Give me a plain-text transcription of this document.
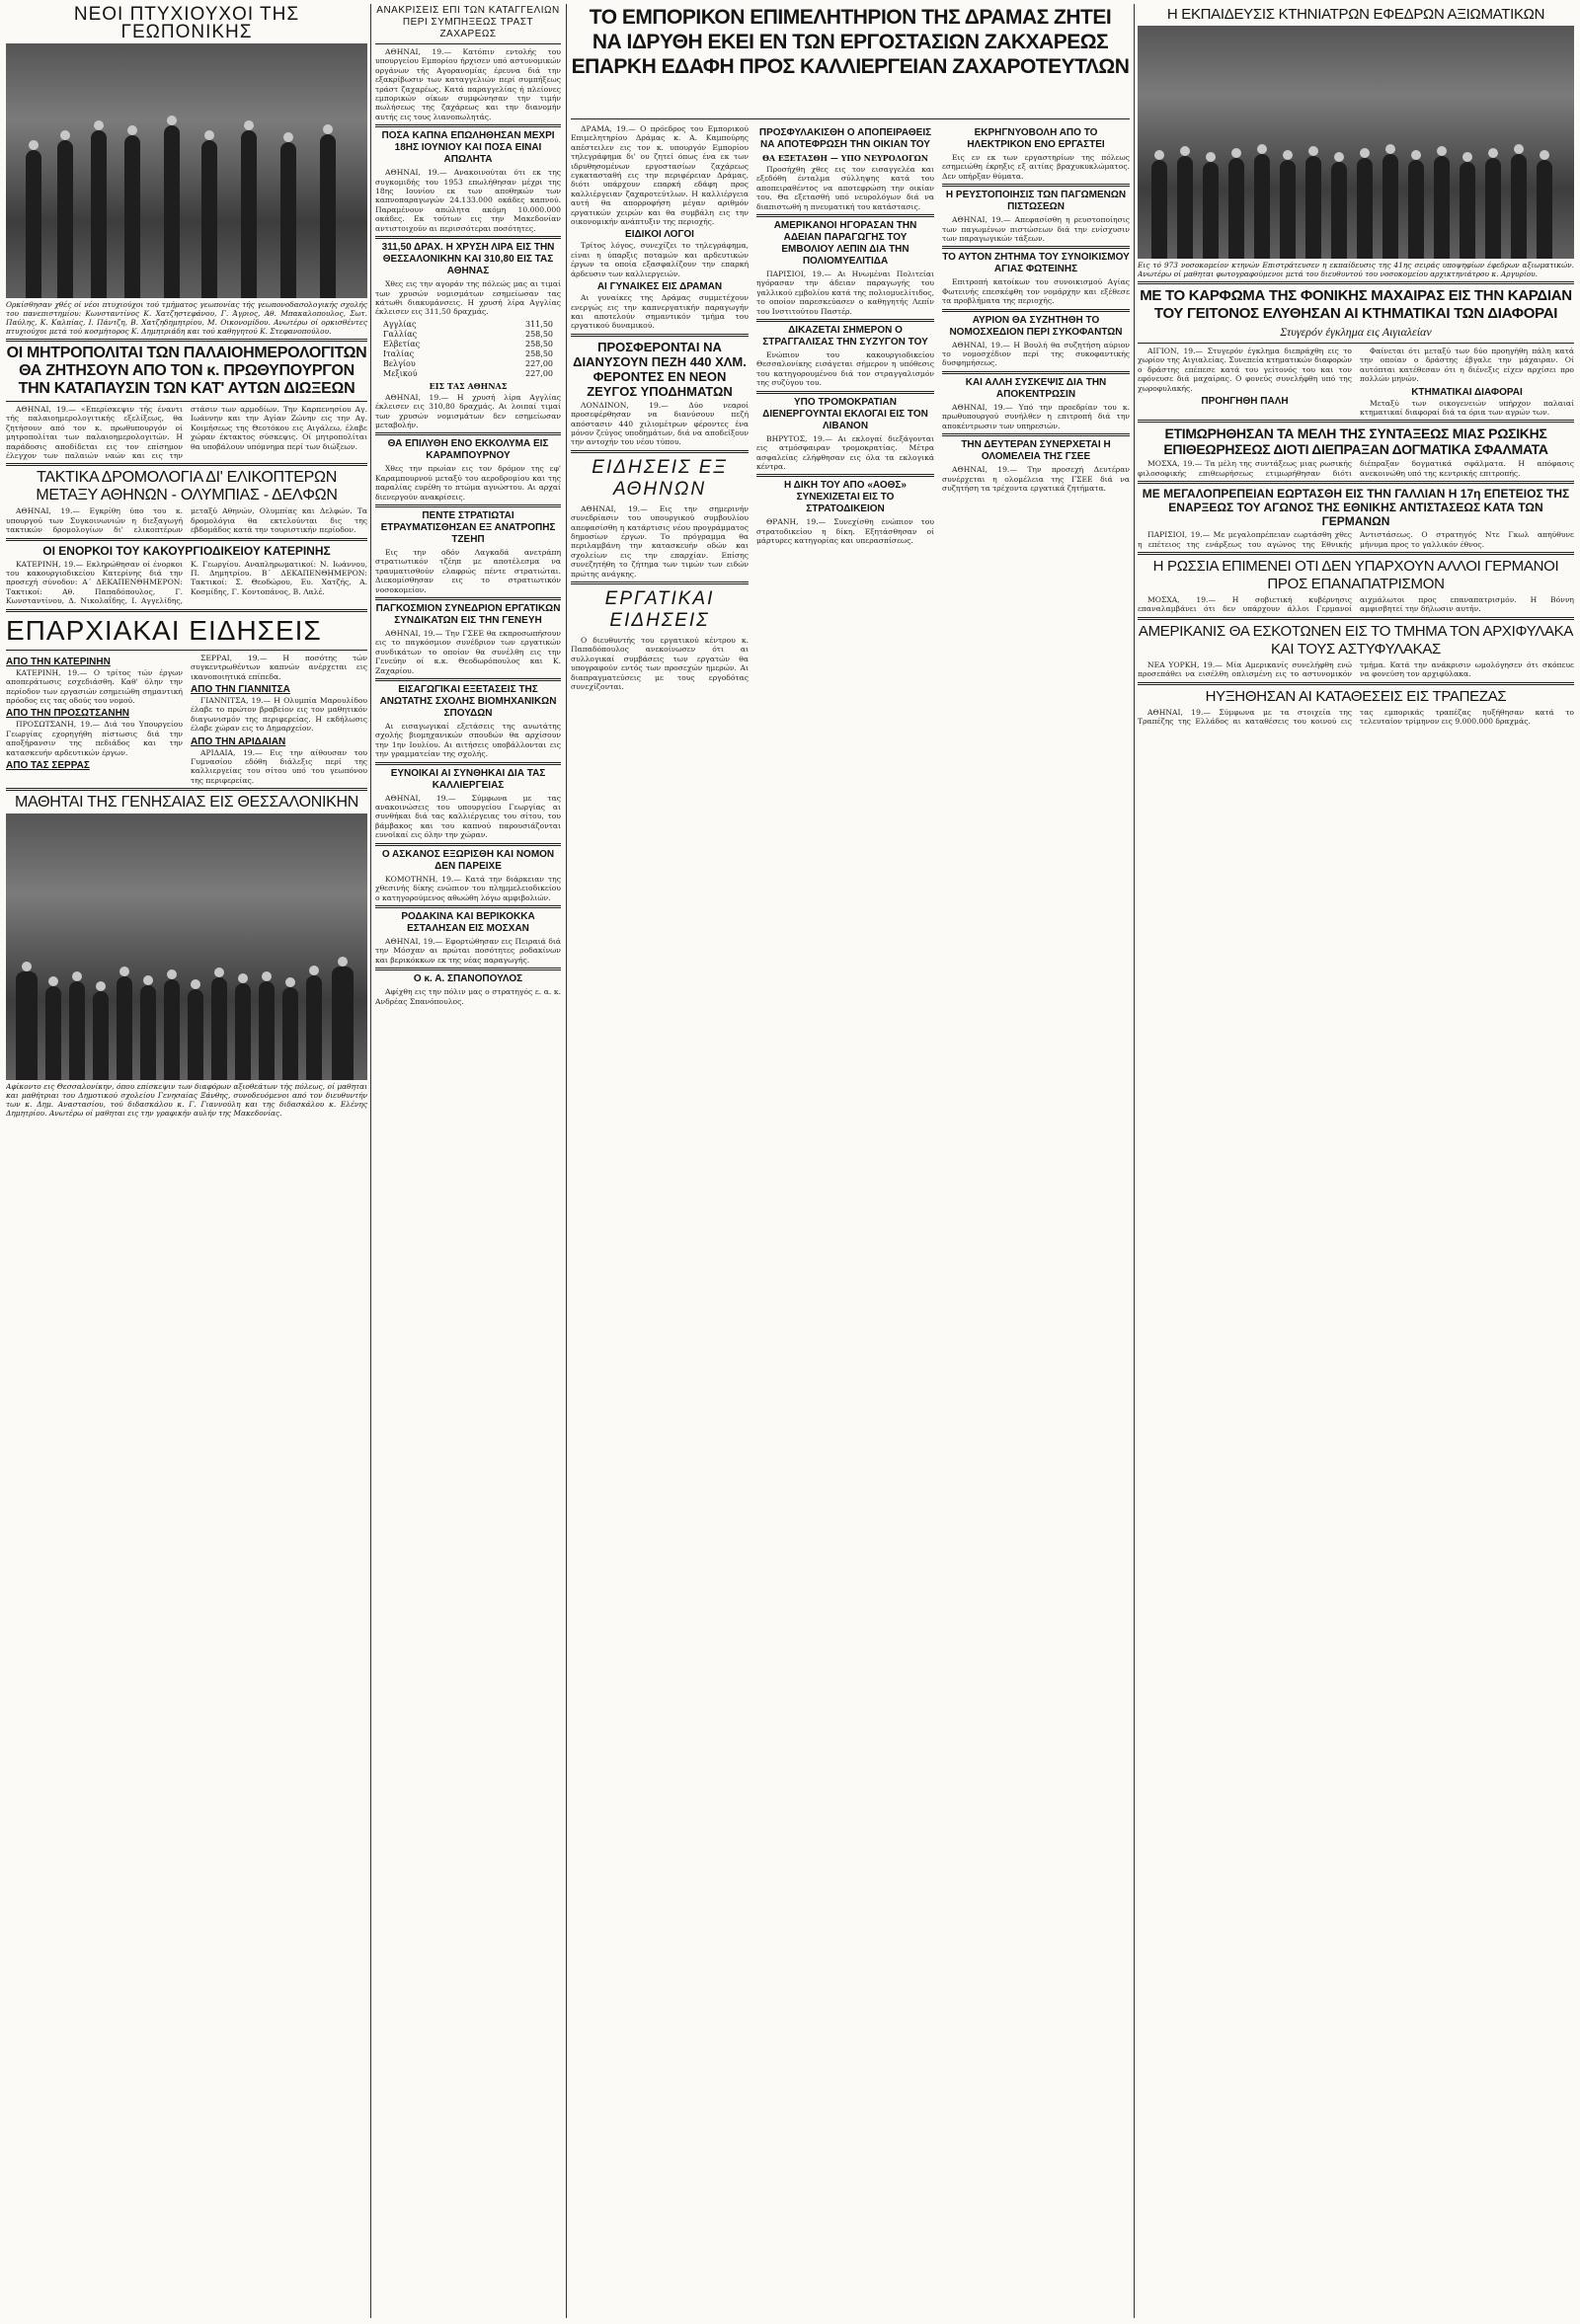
ΝΕΟΙ ΠΤΥΧΙΟΥΧΟΙ ΤΗΣ ΓΕΩΠΟΝΙΚΗΣ

Ορκίσθησαν χθές οί νέοι πτυχιούχοι τού τμήματος γεωπονίας τής γεωπονοδασολογικής σχολής του πανεπιστημίου: Κωνσταντίνος Κ. Χατζηστεφάνου, Γ. Άγριος, Αθ. Μπακαλοπουλος, Σωτ. Παύλης, Κ. Καλπίας, Ι. Πάντζη, Β. Χατζηδημητρίου, Μ. Οικονομίδου. Ανωτέρω οί ορκισθέντες πτυχιούχοι μετά τού κοσμήτορος Κ. Δημητριάδη και τού καθηγητού Κ. Στεφανοπούλου.

ΟΙ ΜΗΤΡΟΠΟΛΙΤΑΙ ΤΩΝ ΠΑΛΑΙΟΗΜΕΡΟΛΟΓΙΤΩΝ ΘΑ ΖΗΤΗΣΟΥΝ ΑΠΟ ΤΟΝ κ. ΠΡΩΘΥΠΟΥΡΓΟΝ ΤΗΝ ΚΑΤΑΠΑΥΣΙΝ ΤΩΝ ΚΑΤ' ΑΥΤΩΝ ΔΙΩΞΕΩΝ

ΑΘΗΝΑΙ, 19.— «Επερίσκεψιν τής έναντι τής παλαιοημερολογιτικής εξελίξεως, θα ζητήσουν από τον κ. πρωθυπουργόν οί μητροπολίται των παλαιοημερολογιτών. Η παράδοσις αποδίδεται εις τον επίσημον έλεγχον των παλαιών ναών και εις την στάσιν των αρμοδίων. Την Καρπενησίου Αγ. Ιωάννην και την Αγίαν Ζώνην εις την Αγ. Κοιμήσεως της Θεοτόκου εις Αιγάλεω, έλαβε χώραν έκτακτος σύσκεψις. Οί μητροπολίται θα υποβάλουν υπόμνημα περί των διώξεων.

ΤΑΚΤΙΚΑ ΔΡΟΜΟΛΟΓΙΑ ΔΙ' ΕΛΙΚΟΠΤΕΡΩΝ ΜΕΤΑΞΥ ΑΘΗΝΩΝ - ΟΛΥΜΠΙΑΣ - ΔΕΛΦΩΝ

ΑΘΗΝΑΙ, 19.— Εγκρίθη ύπο του κ. υπουργού των Συγκοινωνιών η διεξαγωγή τακτικών δρομολογίων δι' ελικοπτέρων μεταξύ Αθηνών, Ολυμπίας και Δελφών. Τα δρομολόγια θα εκτελούνται δις της εβδομάδος κατά την τουριστικήν περίοδον.

ΟΙ ΕΝΟΡΚΟΙ ΤΟΥ ΚΑΚΟΥΡΓΙΟΔΙΚΕΙΟΥ ΚΑΤΕΡΙΝΗΣ

ΚΑΤΕΡΙΝΗ, 19.— Εκληρώθησαν οί ένορκοι του κακουργιοδικείου Κατερίνης διά την προσεχή σύνοδον: Α΄ ΔΕΚΑΠΕΝΘΗΜΕΡΟΝ: Τακτικοί: Αθ. Παπαδόπουλος, Γ. Κωνσταντίνου, Δ. Νικολαΐδης, Ι. Αγγελίδης, Κ. Γεωργίου. Αναπληρωματικοί: Ν. Ιωάννου, Π. Δημητρίου. Β΄ ΔΕΚΑΠΕΝΘΗΜΕΡΟΝ: Τακτικοί: Σ. Θεοδώρου, Ευ. Χατζής, Α. Κοσμίδης, Γ. Κοντοπάνος, Β. Λαλέ.

ΕΠΑΡΧΙΑΚΑΙ ΕΙΔΗΣΕΙΣ
ΑΠΟ ΤΗΝ ΚΑΤΕΡΙΝΗΝ

ΚΑΤΕΡΙΝΗ, 19.— Ο τρίτος τών έργων αποπεράτωσις εσχεδιάσθη. Καθ' όλην την περίοδον των εργασιών εσημειώθη σημαντική πρόοδος εις τας οδούς του νομού.

ΑΠΟ ΤΗΝ ΠΡΟΣΩΤΣΑΝΗΝ

ΠΡΟΣΩΤΣΑΝΗ, 19.— Διά του Υπουργείου Γεωργίας εχορηγήθη πίστωσις διά την αποξήρανσιν της πεδιάδος και την κατασκευήν αρδευτικών έργων.

ΑΠΟ ΤΑΣ ΣΕΡΡΑΣ

ΣΕΡΡΑΙ, 19.— Η ποσότης τών συγκεντρωθέντων καπνών ανέρχεται εις ικανοποιητικά επίπεδα.

ΑΠΟ ΤΗΝ ΓΙΑΝΝΙΤΣΑ

ΓΙΑΝΝΙΤΣΑ, 19.— Η Ολυμπία Μαρουλίδου έλαβε το πρώτον βραβείον εις τον μαθητικόν διαγωνισμόν της περιφερείας. Η εκδήλωσις έλαβε χώραν εις το Δημαρχείον.

ΑΠΟ ΤΗΝ ΑΡΙΔΑΙΑΝ

ΑΡΙΔΑΙΑ, 19.— Εις την αίθουσαν του Γυμνασίου εδόθη διάλεξις περί της καλλιεργείας του σίτου υπό του γεωπόνου της περιφερείας.

ΜΑΘΗΤΑΙ ΤΗΣ ΓΕΝΗΣΑΙΑΣ ΕΙΣ ΘΕΣΣΑΛΟΝΙΚΗΝ

Αφίκοντο εις Θεσσαλονίκην, όπου επίσκεψιν των διαφόρων αξιοθεάτων τής πόλεως, οί μαθηται και μαθήτριαι του Δημοτικού σχολείου Γενησαίας Ξάνθης, συνοδευόμενοι από τον διευθυντήν των κ. Δημ. Αναστασίου, τού διδασκάλου κ. Γ. Γιαννούλη και της διδασκάλου κ. Ελένης Δημητρίου. Ανωτέρω οί μαθηται εις την γραφικήν αυλήν της Μακεδονίας.

ΑΝΑΚΡΙΣΕΙΣ ΕΠΙ ΤΩΝ ΚΑΤΑΓΓΕΛΙΩΝ ΠΕΡΙ ΣΥΜΠΗΞΕΩΣ ΤΡΑΣΤ ΖΑΧΑΡΕΩΣ

ΑΘΗΝΑΙ, 19.— Κατόπιν εντολής του υπουργείου Εμπορίου ήρχισεν υπό αστυνομικών οργάνων τής Αγορανομίας έρευνα διά την εξακρίβωσιν των καταγγελιών περί συμπήξεως τράστ ζαχαρέως. Κατά παραγγελίας ή πλείονες εμπορικών οίκων συμφώνησαν την τιμήν πωλήσεως της ζαχάρεως και την διανομήν αυτής εις τους λιανοπωλητάς.

ΠΟΣΑ ΚΑΠΝΑ ΕΠΩΛΗΘΗΣΑΝ ΜΕΧΡΙ 18ΗΣ ΙΟΥΝΙΟΥ ΚΑΙ ΠΟΣΑ ΕΙΝΑΙ ΑΠΩΛΗΤΑ

ΑΘΗΝΑΙ, 19.— Ανακοινούται ότι εκ της συγκομιδής του 1953 επωλήθησαν μέχρι της 18ης Ιουνίου εκ των αποθηκών των καπνοπαραγωγών 24.133.000 οκάδες καπνού. Παραμένουν απώλητα ακόμη 10.000.000 οκάδες. Εκ τούτων εις την Μακεδονίαν αντιστοιχούν αι περισσότεραι ποσότητες.

311,50 ΔΡΑΧ. Η ΧΡΥΣΗ ΛΙΡΑ ΕΙΣ ΤΗΝ ΘΕΣΣΑΛΟΝΙΚΗΝ ΚΑΙ 310,80 ΕΙΣ ΤΑΣ ΑΘΗΝΑΣ

Χθες εις την αγοράν της πόλεώς μας αι τιμαί των χρυσών νομισμάτων εσημείωσαν τας κάτωθι διακυμάνσεις. Η χρυσή λίρα Αγγλίας έκλεισεν εις 311,50 δραχμάς.

Αγγλίας	311,50
Γαλλίας	258,50
Ελβετίας	258,50
Ιταλίας	258,50
Βελγίου	227,00
Μεξικού	227,00
ΕΙΣ ΤΑΣ ΑΘΗΝΑΣ

ΑΘΗΝΑΙ, 19.— Η χρυσή λίρα Αγγλίας έκλεισεν εις 310,80 δραχμάς. Αι λοιπαί τιμαί των χρυσών νομισμάτων δεν εσημείωσαν μεταβολήν.

ΘΑ ΕΠΙΛΥΘΗ ΕΝΟ ΕΚΚΟΛΥΜΑ ΕΙΣ ΚΑΡΑΜΠΟΥΡΝΟΥ

Χθες την πρωίαν εις τον δρόμον της εφ' Καραμπουρνού μεταξύ του αεροδρομίου και της παραλίας ευρέθη το πτώμα αγνώστου. Αι αρχαί διενεργούν ανακρίσεις.

ΠΕΝΤΕ ΣΤΡΑΤΙΩΤΑΙ ΕΤΡΑΥΜΑΤΙΣΘΗΣΑΝ ΕΞ ΑΝΑΤΡΟΠΗΣ ΤΖΕΗΠ

Εις την οδόν Λαγκαδά ανετράπη στρατιωτικόν τζέηπ με αποτέλεσμα να τραυματισθούν ελαφρώς πέντε στρατιώται. Διεκομίσθησαν εις το στρατιωτικόν νοσοκομείον.

ΠΑΓΚΟΣΜΙΟΝ ΣΥΝΕΔΡΙΟΝ ΕΡΓΑΤΙΚΩΝ ΣΥΝΔΙΚΑΤΩΝ ΕΙΣ ΤΗΝ ΓΕΝΕΥΗ

ΑΘΗΝΑΙ, 19.— Την ΓΣΕΕ θα εκπροσωπήσουν εις το παγκόσμιον συνέδριον των εργατικών συνδικάτων το οποίον θα συνέλθη εις την Γενεύην οί κ.κ. Θεοδωρόπουλος και Κ. Ζαχαρίου.

ΕΙΣΑΓΩΓΙΚΑΙ ΕΞΕΤΑΣΕΙΣ ΤΗΣ ΑΝΩΤΑΤΗΣ ΣΧΟΛΗΣ ΒΙΟΜΗΧΑΝΙΚΩΝ ΣΠΟΥΔΩΝ

Αι εισαγωγικαί εξετάσεις της ανωτάτης σχολής βιομηχανικών σπουδών θα αρχίσουν την 1ην Ιουλίου. Αι αιτήσεις υποβάλλονται εις την γραμματείαν της σχολής.

ΕΥΝΟΙΚΑΙ ΑΙ ΣΥΝΘΗΚΑΙ ΔΙΑ ΤΑΣ ΚΑΛΛΙΕΡΓΕΙΑΣ

ΑΘΗΝΑΙ, 19.— Σύμφωνα με τας ανακοινώσεις του υπουργείου Γεωργίας αι συνθήκαι διά τας καλλιέργειας του σίτου, του βάμβακος και του καπνού παρουσιάζονται ευνοϊκαί εις όλην την χώραν.

Ο ΑΣΚΑΝΟΣ ΕΞΩΡΙΣΘΗ ΚΑΙ ΝΟΜΟΝ ΔΕΝ ΠΑΡΕΙΧΕ

ΚΟΜΟΤΗΝΗ, 19.— Κατά την διάρκειαν της χθεσινής δίκης ενώπιον του πλημμελειοδικείου ο κατηγορούμενος αθωώθη λόγω αμφιβολιών.

ΡΟΔΑΚΙΝΑ ΚΑΙ ΒΕΡΙΚΟΚΚΑ ΕΣΤΑΛΗΣΑΝ ΕΙΣ ΜΟΣΧΑΝ

ΑΘΗΝΑΙ, 19.— Εφορτώθησαν εις Πειραιά διά την Μόσχαν αι πρώται ποσότητες ροδακίνων και βερικόκκων εκ της νέας παραγωγής.

Ο κ. Α. ΣΠΑΝΟΠΟΥΛΟΣ

Αφίχθη εις την πόλιν μας ο στρατηγός ε. α. κ. Ανδρέας Σπανόπουλος.

ΤΟ ΕΜΠΟΡΙΚΟΝ ΕΠΙΜΕΛΗΤΗΡΙΟΝ ΤΗΣ ΔΡΑΜΑΣ ΖΗΤΕΙ
ΝΑ ΙΔΡΥΘΗ ΕΚΕΙ ΕΝ ΤΩΝ ΕΡΓΟΣΤΑΣΙΩΝ ΖΑΚΧΑΡΕΩΣ
ΕΠΑΡΚΗ ΕΔΑΦΗ ΠΡΟΣ ΚΑΛΛΙΕΡΓΕΙΑΝ ΖΑΧΑΡΟΤΕΥΤΛΩΝ

ΔΡΑΜΑ, 19.— Ο πρόεδρος του Εμπορικού Επιμελητηρίου Δράμας κ. Α. Καμπούρης απέστειλεν εις τον κ. υπουργόν Εμπορίου τηλεγράφημα δι' ου ζητεί όπως ένα εκ των ιδρυθησομένων εργοστασίων ζαχάρεως εγκατασταθή εις την περιφέρειαν Δράμας, διότι υπάρχουν επαρκή εδάφη προς καλλιέργειαν ζαχαροτεύτλων. Η καλλιέργεια αυτή θα απορροφήση μέγαν αριθμόν εργατικών χειρών και θα συμβάλη εις την οικονομικήν ανάπτυξιν της περιοχής.

ΕΙΔΙΚΟΙ ΛΟΓΟΙ

Τρίτος λόγος, συνεχίζει το τηλεγράφημα, είναι η ύπαρξις ποταμών και αρδευτικών έργων τα οποία εξασφαλίζουν την επαρκή άρδευσιν των καλλιεργειών.

ΑΙ ΓΥΝΑΙΚΕΣ ΕΙΣ ΔΡΑΜΑΝ

Αι γυναίκες της Δράμας συμμετέχουν ενεργώς εις την καπνεργατικήν παραγωγήν και αποτελούν σημαντικόν τμήμα του εργατικού δυναμικού.

ΠΡΟΣΦΕΡΟΝΤΑΙ ΝΑ ΔΙΑΝΥΣΟΥΝ ΠΕΖΗ 440 ΧΛΜ. ΦΕΡΟΝΤΕΣ ΕΝ ΝΕΟΝ ΖΕΥΓΟΣ ΥΠΟΔΗΜΑΤΩΝ

ΛΟΝΔΙΝΟΝ, 19.— Δύο νεαροί προσεφέρθησαν να διανύσουν πεζή απόστασιν 440 χιλιομέτρων φέροντες ένα μόνον ζεύγος υποδημάτων, διά να αποδείξουν την αντοχήν του νέου τύπου.

ΕΙΔΗΣΕΙΣ ΕΞ ΑΘΗΝΩΝ

ΑΘΗΝΑΙ, 19.— Εις την σημερινήν συνεδρίασιν του υπουργικού συμβουλίου απεφασίσθη η κατάρτισις νέου προγράμματος δημοσίων έργων. Το πρόγραμμα θα περιλαμβάνη την κατασκευήν οδών και σχολείων εις την επαρχίαν. Επίσης συνεζητήθη το ζήτημα των τιμών των ειδών πρώτης ανάγκης.

ΕΡΓΑΤΙΚΑΙ ΕΙΔΗΣΕΙΣ

Ο διευθυντής του εργατικού κέντρου κ. Παπαδόπουλος ανεκοίνωσεν ότι αι συλλογικαί συμβάσεις των εργατών θα υπογραφούν εντός των προσεχών ημερών. Αι διαπραγματεύσεις με τους εργοδότας συνεχίζονται.

ΠΡΟΣΦΥΛΑΚΙΣΘΗ Ο ΑΠΟΠΕΙΡΑΘΕΙΣ ΝΑ ΑΠΟΤΕΦΡΩΣΗ ΤΗΝ ΟΙΚΙΑΝ ΤΟΥ
ΘΑ ΕΞΕΤΑΣΘΗ — ΥΠΟ ΝΕΥΡΟΛΟΓΩΝ

Προσήχθη χθες εις τον εισαγγελέα και εξεδόθη ένταλμα σύλληψης κατά του αποπειραθέντος να αποτεφρώση την οικίαν του. Θα εξετασθή υπό νευρολόγων διά να διαπιστωθή η πνευματική του κατάστασις.

ΑΜΕΡΙΚΑΝΟΙ ΗΓΟΡΑΣΑΝ ΤΗΝ ΑΔΕΙΑΝ ΠΑΡΑΓΩΓΗΣ ΤΟΥ ΕΜΒΟΛΙΟΥ ΛΕΠΙΝ ΔΙΑ ΤΗΝ ΠΟΛΙΟΜΥΕΛΙΤΙΔΑ

ΠΑΡΙΣΙΟΙ, 19.— Αι Ηνωμέναι Πολιτείαι ηγόρασαν την άδειαν παραγωγής του γαλλικού εμβολίου κατά της πολιομυελίτιδος, το οποίον παρεσκεύασεν ο καθηγητής Λεπίν του Ινστιτούτου Παστέρ.

ΔΙΚΑΖΕΤΑΙ ΣΗΜΕΡΟΝ Ο ΣΤΡΑΓΓΑΛΙΣΑΣ ΤΗΝ ΣΥΖΥΓΟΝ ΤΟΥ

Ενώπιον του κακουργιοδικείου Θεσσαλονίκης εισάγεται σήμερον η υπόθεσις του κατηγορουμένου διά τον στραγγαλισμόν της συζύγου του.

ΥΠΟ ΤΡΟΜΟΚΡΑΤΙΑΝ ΔΙΕΝΕΡΓΟΥΝΤΑΙ ΕΚΛΟΓΑΙ ΕΙΣ ΤΟΝ ΛΙΒΑΝΟΝ

ΒΗΡΥΤΟΣ, 19.— Αι εκλογαί διεξάγονται εις ατμόσφαιραν τρομοκρατίας. Μέτρα ασφαλείας ελήφθησαν εις όλα τα εκλογικά κέντρα.

Η ΔΙΚΗ ΤΟΥ ΑΠΟ «ΑΟΘΣ» ΣΥΝΕΧΙΖΕΤΑΙ ΕΙΣ ΤΟ ΣΤΡΑΤΟΔΙΚΕΙΟΝ

ΘΡΑΝΗ, 19.— Συνεχίσθη ενώπιον του στρατοδικείου η δίκη. Εξητάσθησαν οί μάρτυρες κατηγορίας και υπερασπίσεως.

ΕΚΡΗΓΝΥΟΒΟΛΗ ΑΠΟ ΤΟ ΗΛΕΚΤΡΙΚΟΝ ΕΝΟ ΕΡΓΑΣΤΕΙ

Εις εν εκ των εργαστηρίων της πόλεως εσημειώθη έκρηξις εξ αιτίας βραχυκυκλώματος. Δεν υπήρξαν θύματα.

Η ΡΕΥΣΤΟΠΟΙΗΣΙΣ ΤΩΝ ΠΑΓΩΜΕΝΩΝ ΠΙΣΤΩΣΕΩΝ

ΑΘΗΝΑΙ, 19.— Απεφασίσθη η ρευστοποίησις των παγωμένων πιστώσεων διά την ενίσχυσιν των παραγωγικών τάξεων.

ΤΟ ΑΥΤΟΝ ΖΗΤΗΜΑ ΤΟΥ ΣΥΝΟΙΚΙΣΜΟΥ ΑΓΙΑΣ ΦΩΤΕΙΝΗΣ

Επιτροπή κατοίκων του συνοικισμού Αγίας Φωτεινής επεσκέφθη τον νομάρχην και εξέθεσε τα προβλήματα της περιοχής.

ΑΥΡΙΟΝ ΘΑ ΣΥΖΗΤΗΘΗ ΤΟ ΝΟΜΟΣΧΕΔΙΟΝ ΠΕΡΙ ΣΥΚΟΦΑΝΤΩΝ

ΑΘΗΝΑΙ, 19.— Η Βουλή θα συζητήση αύριον το νομοσχέδιον περί της συκοφαντικής δυσφημήσεως.

ΚΑΙ ΑΛΛΗ ΣΥΣΚΕΨΙΣ ΔΙΑ ΤΗΝ ΑΠΟΚΕΝΤΡΩΣΙΝ

ΑΘΗΝΑΙ, 19.— Υπό την προεδρίαν του κ. πρωθυπουργού συνήλθεν η επιτροπή διά την αποκέντρωσιν των υπηρεσιών.

ΤΗΝ ΔΕΥΤΕΡΑΝ ΣΥΝΕΡΧΕΤΑΙ Η ΟΛΟΜΕΛΕΙΑ ΤΗΣ ΓΣΕΕ

ΑΘΗΝΑΙ, 19.— Την προσεχή Δευτέραν συνέρχεται η ολομέλεια της ΓΣΕΕ διά να συζητήση τα τρέχοντα εργατικά ζητήματα.

Η ΕΚΠΑΙΔΕΥΣΙΣ ΚΤΗΝΙΑΤΡΩΝ ΕΦΕΔΡΩΝ ΑΞΙΩΜΑΤΙΚΩΝ

Εις τό 973 νοσοκομείον κτηνών Επιστράτευσεν η εκπαίδευσις της 41ης σειράς υποψηφίων έφεδρων αξιωματικών. Ανωτέρω οί μαθηται φωτογραφούμενοι μετά του διευθυντού του νοσοκομείου αρχικτηνιάτρου κ. Αργυρίου.

ΜΕ ΤΟ ΚΑΡΦΩΜΑ ΤΗΣ ΦΟΝΙΚΗΣ ΜΑΧΑΙΡΑΣ ΕΙΣ ΤΗΝ ΚΑΡΔΙΑΝ ΤΟΥ ΓΕΙΤΟΝΟΣ ΕΛΥΘΗΣΑΝ ΑΙ ΚΤΗΜΑΤΙΚΑΙ ΤΩΝ ΔΙΑΦΟΡΑΙ
Στυγερόν έγκλημα εις Αιγιαλείαν

ΑΙΓΙΟΝ, 19.— Στυγερόν έγκλημα διεπράχθη εις το χωρίον της Αιγιαλείας. Συνεπεία κτηματικών διαφορών ο δράστης επέπεσε κατά του γείτονός του και τον εφόνευσε διά μαχαίρας. Ο φονεύς συνελήφθη υπό της χωροφυλακής.

ΠΡΟΗΓΗΘΗ ΠΑΛΗ

Φαίνεται ότι μεταξύ των δύο προηγήθη πάλη κατά την οποίαν ο δράστης έβγαλε την μάχαιραν. Οί αυτόπται κατέθεσαν ότι η διένεξις είχεν αρχίσει προ πολλών μηνών.

ΚΤΗΜΑΤΙΚΑΙ ΔΙΑΦΟΡΑΙ

Μεταξύ των οικογενειών υπήρχον παλαιαί κτηματικαί διαφοραί διά τα όρια των αγρών των.

ΕΤΙΜΩΡΗΘΗΣΑΝ ΤΑ ΜΕΛΗ ΤΗΣ ΣΥΝΤΑΞΕΩΣ ΜΙΑΣ ΡΩΣΙΚΗΣ ΕΠΙΘΕΩΡΗΣΕΩΣ ΔΙΟΤΙ ΔΙΕΠΡΑΞΑΝ ΔΟΓΜΑΤΙΚΑ ΣΦΑΛΜΑΤΑ

ΜΟΣΧΑ, 19.— Τα μέλη της συντάξεως μιας ρωσικής φιλοσοφικής επιθεωρήσεως ετιμωρήθησαν διότι διέπραξαν δογματικά σφάλματα. Η απόφασις ανεκοινώθη υπό της κεντρικής επιτροπής.

ΜΕ ΜΕΓΑΛΟΠΡΕΠΕΙΑΝ ΕΩΡΤΑΣΘΗ ΕΙΣ ΤΗΝ ΓΑΛΛΙΑΝ Η 17η ΕΠΕΤΕΙΟΣ ΤΗΣ ΕΝΑΡΞΕΩΣ ΤΟΥ ΑΓΩΝΟΣ ΤΗΣ ΕΘΝΙΚΗΣ ΑΝΤΙΣΤΑΣΕΩΣ ΚΑΤΑ ΤΩΝ ΓΕΡΜΑΝΩΝ

ΠΑΡΙΣΙΟΙ, 19.— Με μεγαλοπρέπειαν εωρτάσθη χθες η επέτειος της ενάρξεως του αγώνος της Εθνικής Αντιστάσεως. Ο στρατηγός Ντε Γκωλ απηύθυνε μήνυμα προς το γαλλικόν έθνος.

Η ΡΩΣΣΙΑ ΕΠΙΜΕΝΕΙ ΟΤΙ ΔΕΝ ΥΠΑΡΧΟΥΝ ΑΛΛΟΙ ΓΕΡΜΑΝΟΙ ΠΡΟΣ ΕΠΑΝΑΠΑΤΡΙΣΜΟΝ

ΜΟΣΧΑ, 19.— Η σοβιετική κυβέρνησις επαναλαμβάνει ότι δεν υπάρχουν άλλοι Γερμανοί αιχμάλωτοι προς επαναπατρισμόν. Η Βόννη αμφισβητεί την δήλωσιν αυτήν.

ΑΜΕΡΙΚΑΝΙΣ ΘΑ ΕΣΚΟΤΩΝΕΝ ΕΙΣ ΤΟ ΤΜΗΜΑ ΤΟΝ ΑΡΧΙΦΥΛΑΚΑ ΚΑΙ ΤΟΥΣ ΑΣΤΥΦΥΛΑΚΑΣ

ΝΕΑ ΥΟΡΚΗ, 19.— Μία Αμερικανίς συνελήφθη ενώ προσεπάθει να εισέλθη οπλισμένη εις το αστυνομικόν τμήμα. Κατά την ανάκρισιν ωμολόγησεν ότι σκόπευε να φονεύση τον αρχιφύλακα.

ΗΥΞΗΘΗΣΑΝ ΑΙ ΚΑΤΑΘΕΣΕΙΣ ΕΙΣ ΤΡΑΠΕΖΑΣ

ΑΘΗΝΑΙ, 19.— Σύμφωνα με τα στοιχεία της Τραπέζης της Ελλάδος αι καταθέσεις του κοινού εις τας εμπορικάς τραπέζας ηυξήθησαν κατά το τελευταίον τρίμηνον εις 9.000.000 δραχμάς.
